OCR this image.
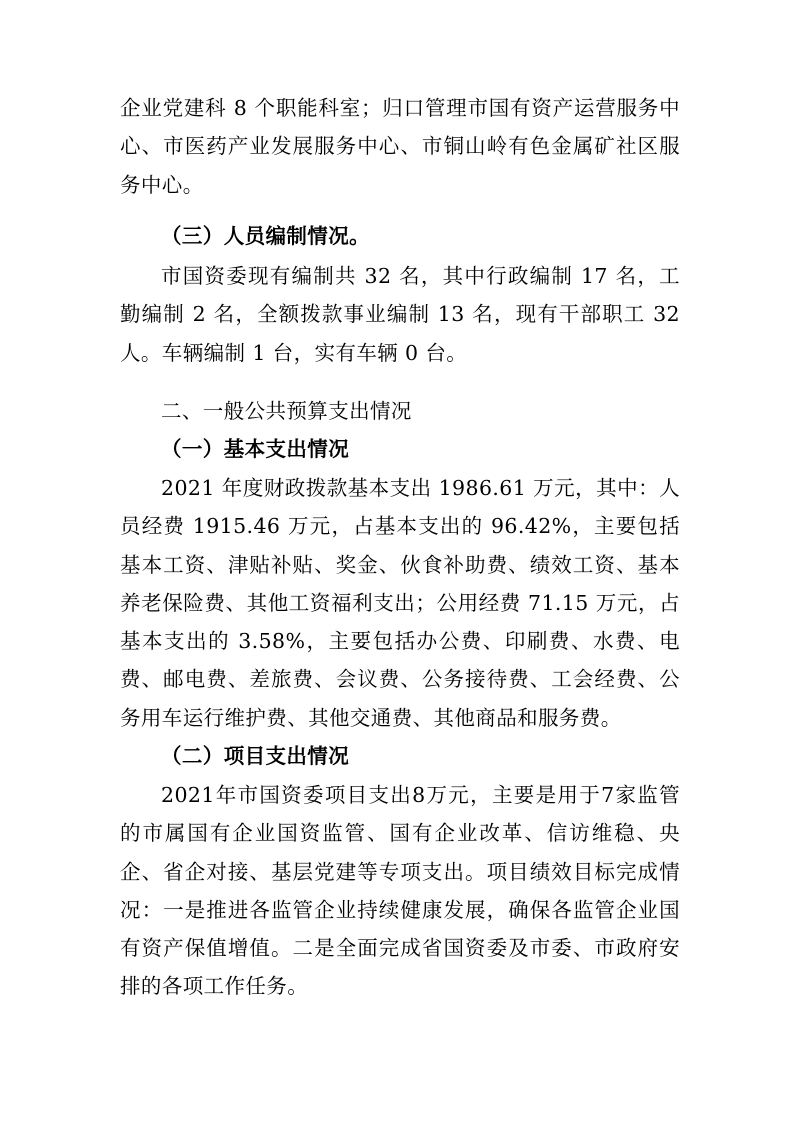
企业党建科 8 个职能科室；归口管理市国有资产运营服务中心、市医药产业发展服务中心、市铜山岭有色金属矿社区服务中心。

（三）人员编制情况。

市国资委现有编制共 32 名，其中行政编制 17 名，工勤编制 2 名，全额拨款事业编制 13 名，现有干部职工 32 人。车辆编制 1 台，实有车辆 0 台。

二、一般公共预算支出情况

（一）基本支出情况

2021 年度财政拨款基本支出 1986.61 万元，其中：人员经费 1915.46 万元，占基本支出的 96.42%，主要包括基本工资、津贴补贴、奖金、伙食补助费、绩效工资、基本养老保险费、其他工资福利支出；公用经费 71.15 万元，占基本支出的 3.58%，主要包括办公费、印刷费、水费、电费、邮电费、差旅费、会议费、公务接待费、工会经费、公务用车运行维护费、其他交通费、其他商品和服务费。

（二）项目支出情况

2021年市国资委项目支出8万元，主要是用于7家监管的市属国有企业国资监管、国有企业改革、信访维稳、央企、省企对接、基层党建等专项支出。项目绩效目标完成情况：一是推进各监管企业持续健康发展，确保各监管企业国有资产保值增值。二是全面完成省国资委及市委、市政府安排的各项工作任务。
